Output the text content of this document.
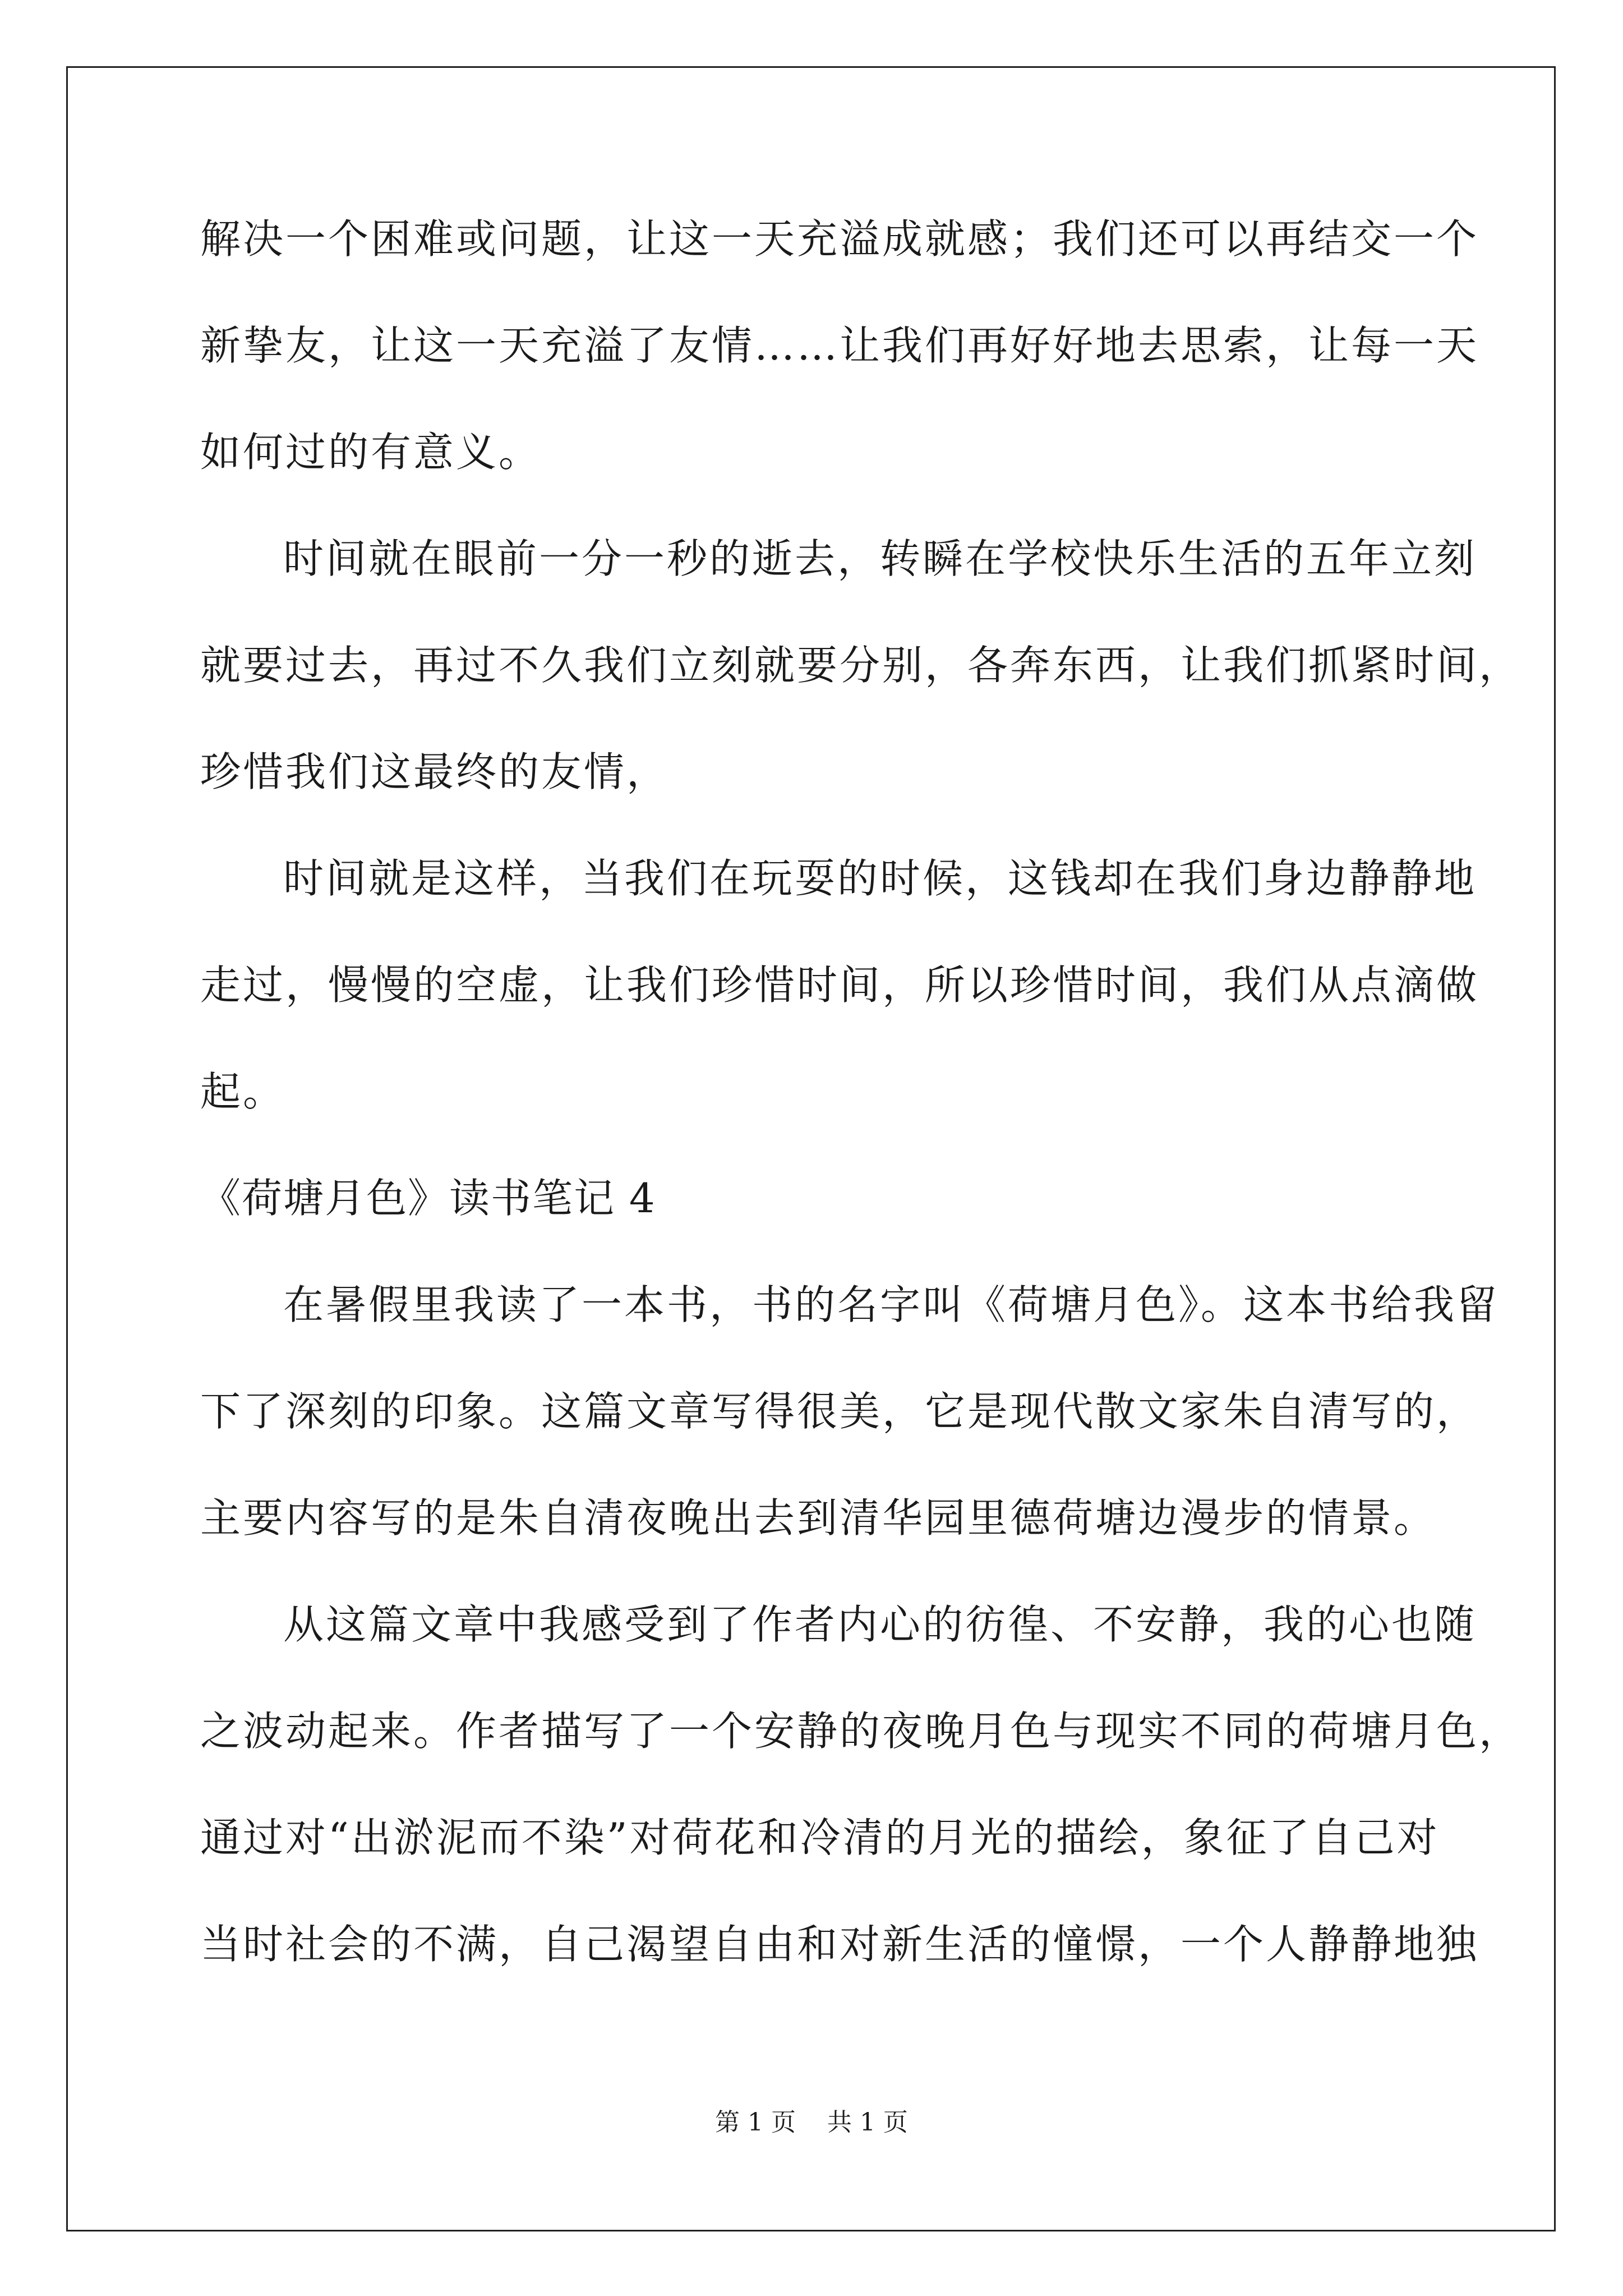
解决一个困难或问题，让这一天充溢成就感；我们还可以再结交一个
新挚友，让这一天充溢了友情……让我们再好好地去思索，让每一天
如何过的有意义。
时间就在眼前一分一秒的逝去，转瞬在学校快乐生活的五年立刻
就要过去，再过不久我们立刻就要分别，各奔东西，让我们抓紧时间，
珍惜我们这最终的友情，
时间就是这样，当我们在玩耍的时候，这钱却在我们身边静静地
走过，慢慢的空虚，让我们珍惜时间，所以珍惜时间，我们从点滴做
起。
《荷塘月色》读书笔记 4
在暑假里我读了一本书，书的名字叫《荷塘月色》。这本书给我留
下了深刻的印象。这篇文章写得很美，它是现代散文家朱自清写的，
主要内容写的是朱自清夜晚出去到清华园里德荷塘边漫步的情景。
从这篇文章中我感受到了作者内心的彷徨、不安静，我的心也随
之波动起来。作者描写了一个安静的夜晚月色与现实不同的荷塘月色，
通过对“出淤泥而不染”对荷花和冷清的月光的描绘，象征了自己对
当时社会的不满，自己渴望自由和对新生活的憧憬，一个人静静地独
第 1 页    共 1 页
